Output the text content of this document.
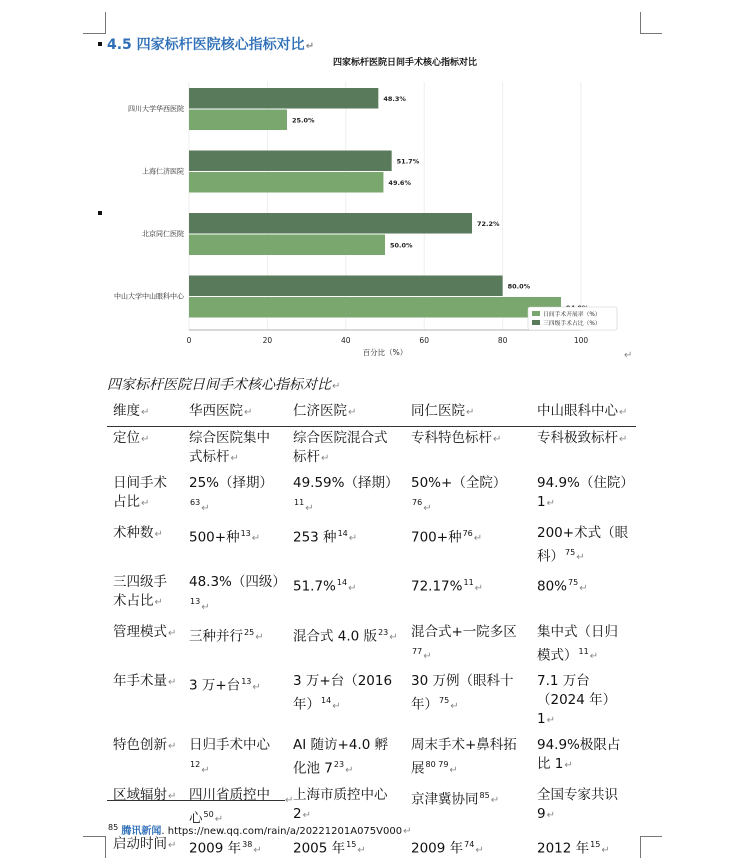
4.5 四家标杆医院核心指标对比↵
四家标杆医院日间手术核心指标对比
0	20	40	60	80	100
百分比（%）
四川大学华西医院
48.3%
25.0%
上海仁济医院
51.7%
49.6%
北京同仁医院
72.2%
50.0%
中山大学中山眼科中心
80.0%
日间手术开展率（%）
三四级手术占比（%）
↵
四家标杆医院日间手术核心指标对比↵
维度↵	华西医院↵	仁济医院↵	同仁医院↵	中山眼科中心↵
定位↵	综合医院集中式标杆↵	综合医院混合式标杆↵	专科特色标杆↵	专科极致标杆↵
日间手术占比↵	25%（择期）$^{63}$↵	49.59%（择期）$^{11}$↵	50%+（全院）$^{76}$↵	94.9%（住院）1↵
术种数↵	500+种$^{13}$↵	253 种$^{14}$↵	700+种$^{76}$↵	200+术式（眼科）$^{75}$↵
三四级手术占比↵	48.3%（四级）$^{13}$↵	51.7%$^{14}$↵	72.17%$^{11}$↵	80%$^{75}$↵
管理模式↵	三种并行$^{25}$↵	混合式 4.0 版$^{23}$↵	混合式+一院多区$^{77}$↵	集中式（日归模式）$^{11}$↵
年手术量↵	3 万+台$^{13}$↵	3 万+台（2016 年）$^{14}$↵	30 万例（眼科十年）$^{75}$↵	7.1 万台（2024 年）1↵
特色创新↵	日归手术中心$^{12}$↵	AI 随访+4.0 孵化池 $7^{23}↵$	周末手术+鼻科拓展$^{80 79}$↵	94.9%极限占比 1↵
区域辐射↵	四川省质控中心$^{50}$↵	上海市质控中心 2↵	京津冀协同$^{85}$↵	全国专家共识 9↵
启动时间↵	2009 年$^{38}$↵	2005 年$^{15}$↵	2009 年$^{74}$↵	2012 年$^{15}$↵
↵
$^{85}$ 腾讯新闻. https://new.qq.com/rain/a/20221201A075V000↵
